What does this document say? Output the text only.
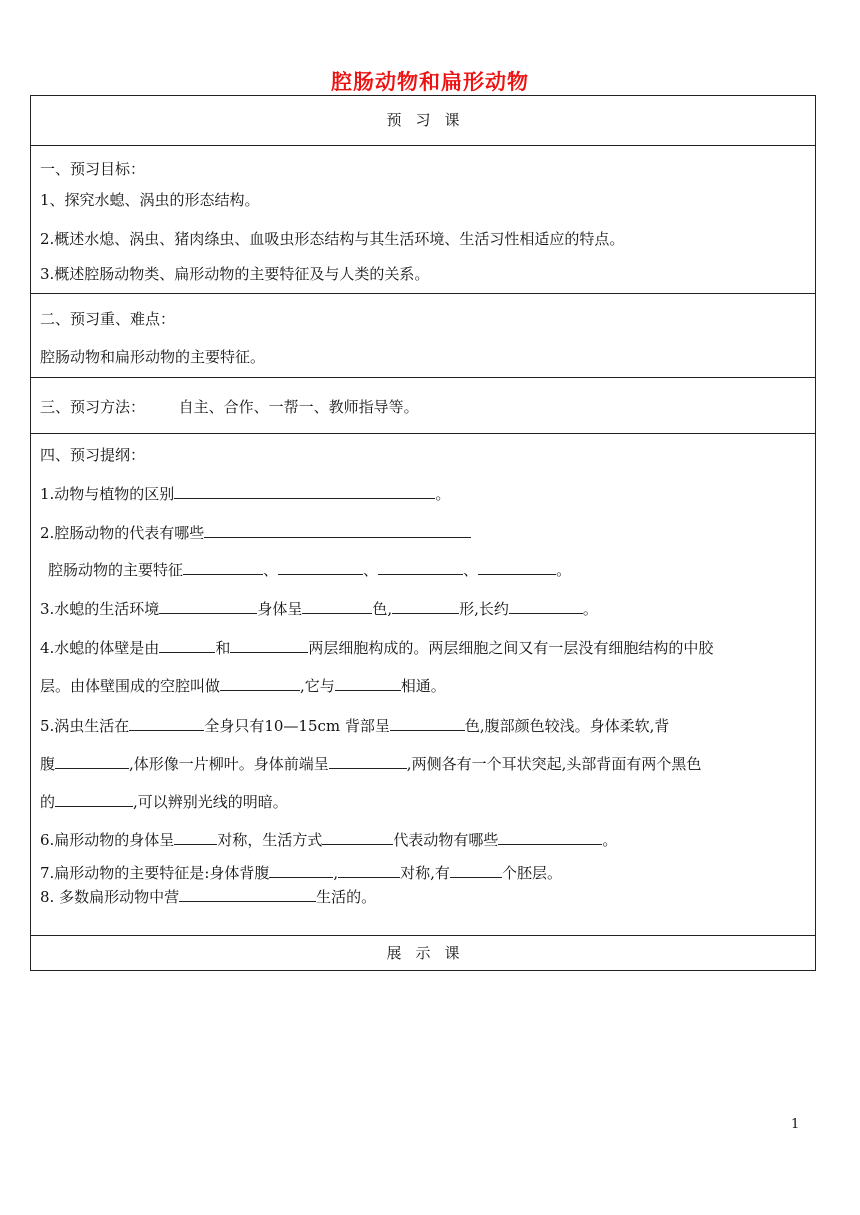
腔肠动物和扁形动物
预习课
一、预习目标：
1、探究水螅、涡虫的形态结构。
2.概述水熄、涡虫、猪肉绦虫、血吸虫形态结构与其生活环境、生活习性相适应的特点。
3.概述腔肠动物类、扁形动物的主要特征及与人类的关系。
二、预习重、难点：
腔肠动物和扁形动物的主要特征。
三、预习方法： 自主、合作、一帮一、教师指导等。
四、预习提纲：
1.动物与植物的区别	。
2.腔肠动物的代表有哪些
腔肠动物的主要特征	、	、	、	。
3.水螅的生活环境	身体呈	色,	形,长约	。
4.水螅的体壁是由	和	两层细胞构成的。两层细胞之间又有一层没有细胞结构的中胶
层。由体壁围成的空腔叫做	,它与	相通。
5.涡虫生活在	全身只有10—15cm 背部呈	色,腹部颜色较浅。身体柔软,背
腹	,体形像一片柳叶。身体前端呈	,两侧各有一个耳状突起,头部背面有两个黑色
的	,可以辨别光线的明暗。
6.扁形动物的身体呈	对称，生活方式	代表动物有哪些	。
7.扁形动物的主要特征是:身体背腹	,	对称,有	个胚层。
8. 多数扁形动物中营	生活的。
展示课
1
